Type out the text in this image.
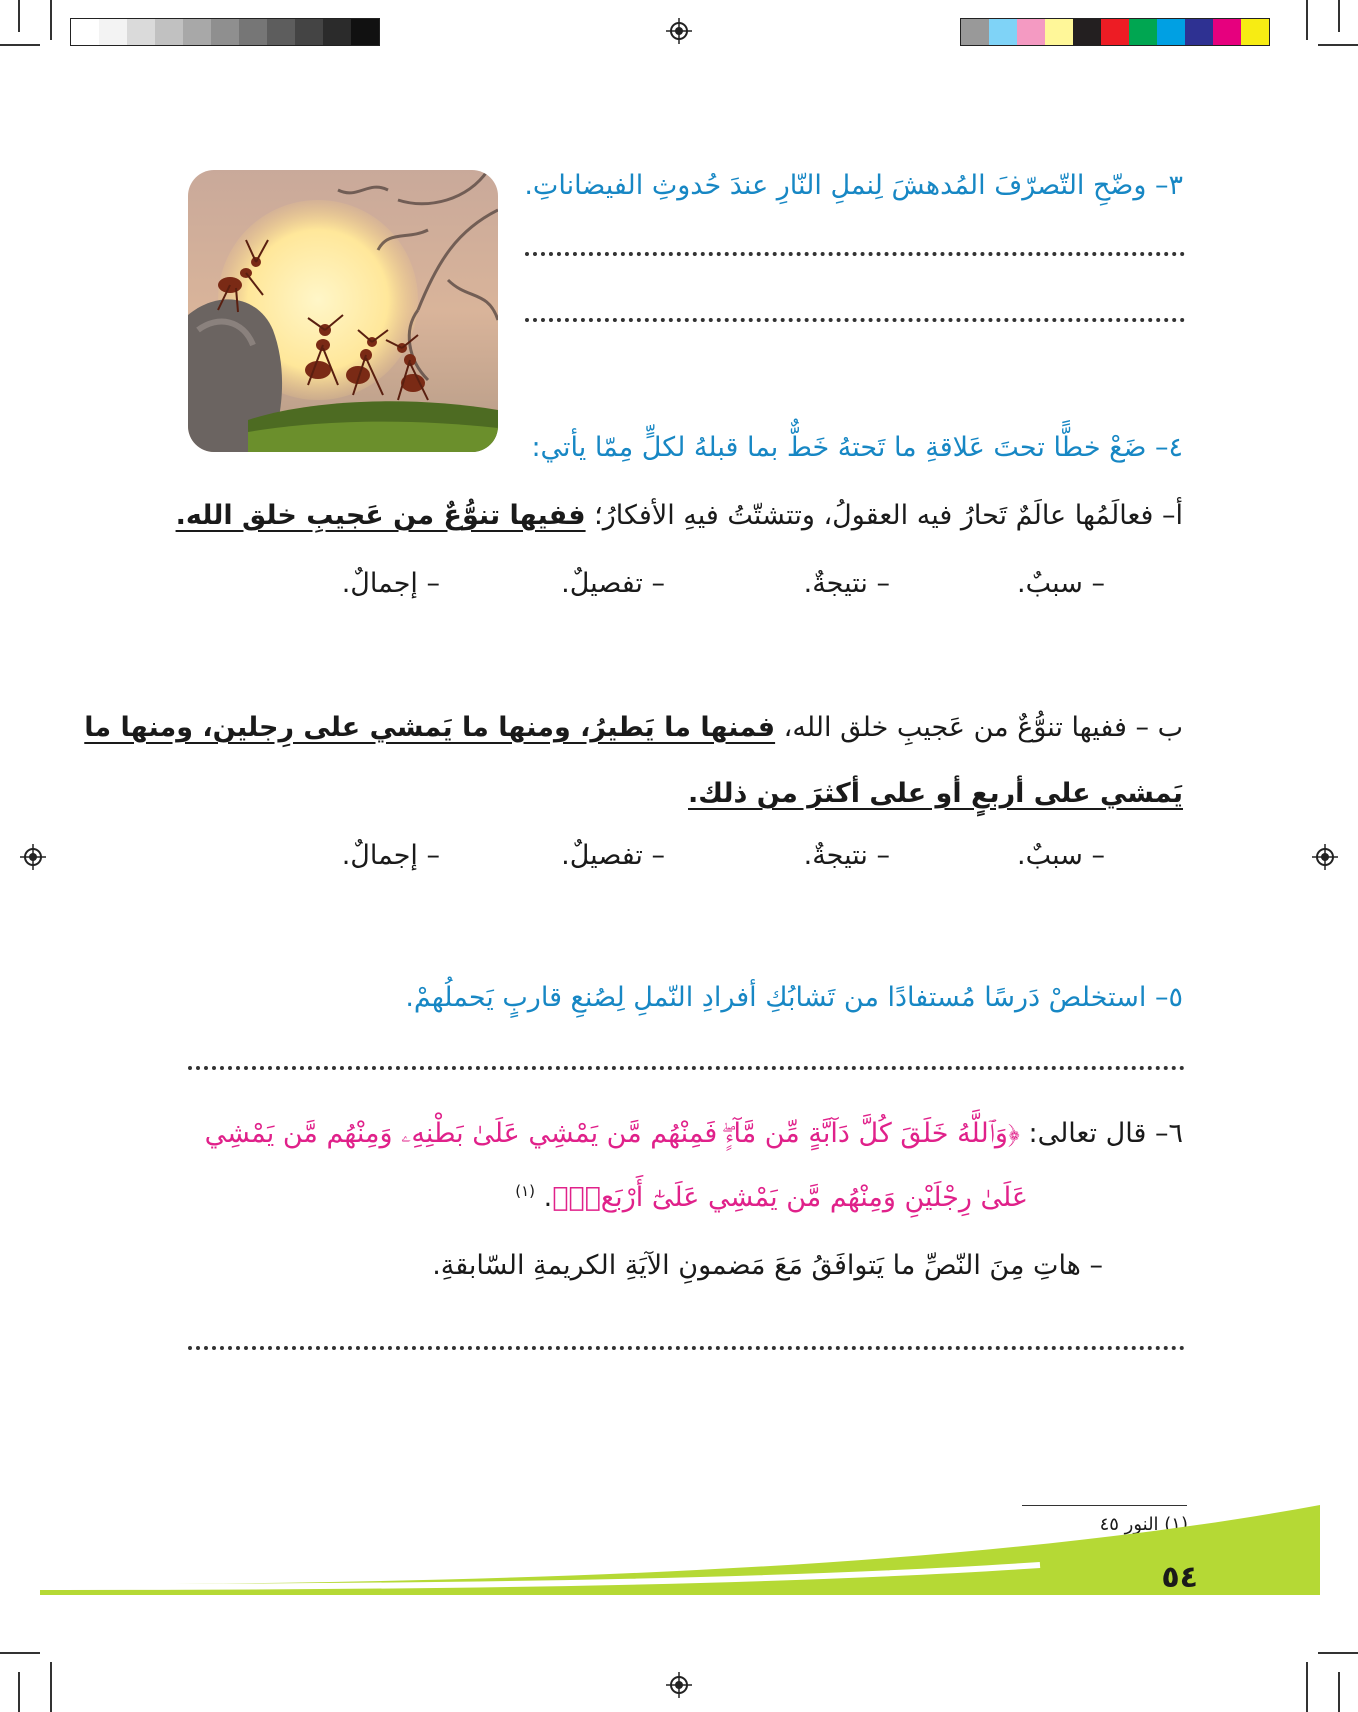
٣– وضّحِ التّصرّفَ المُدهشَ لِنملِ النّارِ عندَ حُدوثِ الفيضاناتِ.
٤– ضَعْ خطًّا تحتَ عَلاقةِ ما تَحتهُ خَطٌّ بما قبلهُ لكلٍّ مِمّا يأتي:
أ– فعالَمُها عالَمٌ تَحارُ فيه العقولُ، وتتشتّتُ فيهِ الأفكارُ؛ ففيها تنوُّعٌ من عَجيبِ خلق الله.
– سببٌ.
– نتيجةٌ.
– تفصيلٌ.
– إجمالٌ.
ب – ففيها تنوُّعٌ من عَجيبِ خلق الله، فمنها ما يَطيرُ، ومنها ما يَمشي على رِجلين، ومنها ما
يَمشي على أربعٍ أو على أكثرَ من ذلك.
– سببٌ.
– نتيجةٌ.
– تفصيلٌ.
– إجمالٌ.
٥– استخلصْ دَرسًا مُستفادًا من تَشابُكِ أفرادِ النّملِ لِصُنعِ قاربٍ يَحملُهمْ.
٦– قال تعالى: ﴿وَٱللَّهُ خَلَقَ كُلَّ دَآبَّةٍ مِّن مَّآءٍۖ فَمِنْهُم مَّن يَمْشِي عَلَىٰ بَطْنِهِۦ وَمِنْهُم مَّن يَمْشِي
عَلَىٰ رِجْلَيْنِ وَمِنْهُم مَّن يَمْشِي عَلَىٰٓ أَرْبَعٖۚ﴾. $^{(١)}$
– هاتِ مِنَ النّصِّ ما يَتوافَقُ مَعَ مَضمونِ الآيَةِ الكريمةِ السّابقةِ.
(١) النور ٤٥
٥٤
